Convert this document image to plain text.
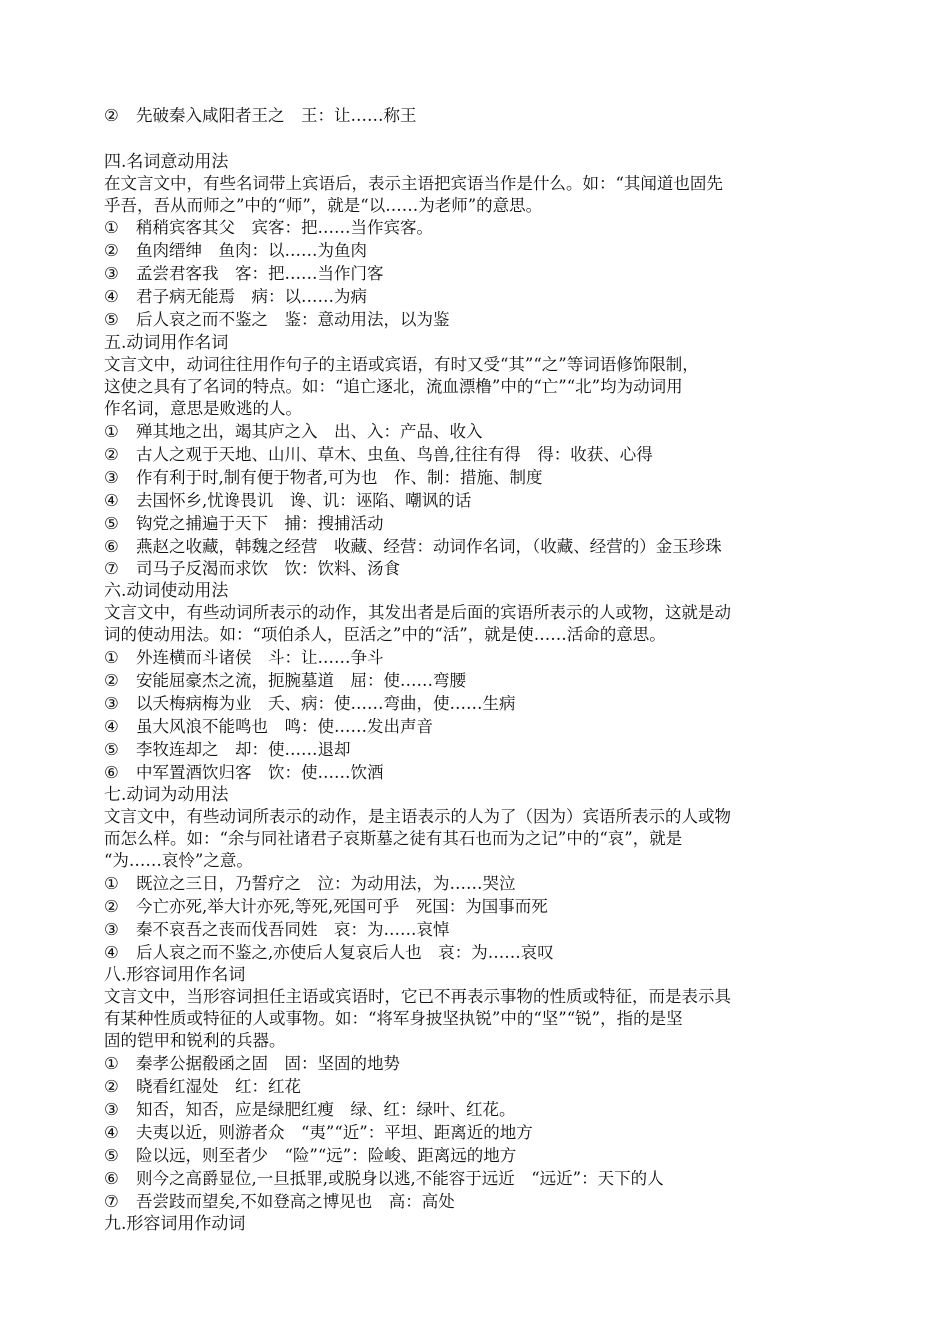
② 先破秦入咸阳者王之　王：让……称王
四.名词意动用法
在文言文中，有些名词带上宾语后，表示主语把宾语当作是什么。如：“其闻道也固先
乎吾，吾从而师之”中的“师”，就是“以……为老师”的意思。
① 稍稍宾客其父　宾客：把……当作宾客。
② 鱼肉缙绅　鱼肉：以……为鱼肉
③ 孟尝君客我　客：把……当作门客
④ 君子病无能焉　病：以……为病
⑤ 后人哀之而不鉴之　鉴：意动用法，以为鉴
五.动词用作名词
文言文中，动词往往用作句子的主语或宾语，有时又受“其”“之”等词语修饰限制，
这使之具有了名词的特点。如：“追亡逐北，流血漂橹”中的“亡”“北”均为动词用
作名词，意思是败逃的人。
① 殚其地之出，竭其庐之入　出、入：产品、收入
② 古人之观于天地、山川、草木、虫鱼、鸟兽,往往有得　得：收获、心得
③ 作有利于时,制有便于物者,可为也　作、制：措施、制度
④ 去国怀乡,忧谗畏讥　谗、讥：诬陷、嘲讽的话
⑤ 钩党之捕遍于天下　捕：搜捕活动
⑥ 燕赵之收藏，韩魏之经营　收藏、经营：动词作名词，（收藏、经营的）金玉珍珠
⑦ 司马子反渴而求饮　饮：饮料、汤食
六.动词使动用法
文言文中，有些动词所表示的动作，其发出者是后面的宾语所表示的人或物，这就是动
词的使动用法。如：“项伯杀人，臣活之”中的“活”，就是使……活命的意思。
① 外连横而斗诸侯　斗：让……争斗
② 安能屈豪杰之流，扼腕墓道　屈：使……弯腰
③ 以夭梅病梅为业　夭、病：使……弯曲，使……生病
④ 虽大风浪不能鸣也　鸣：使……发出声音
⑤ 李牧连却之　却：使……退却
⑥ 中军置酒饮归客　饮：使……饮酒
七.动词为动用法
文言文中，有些动词所表示的动作，是主语表示的人为了（因为）宾语所表示的人或物
而怎么样。如：“余与同社诸君子哀斯墓之徒有其石也而为之记”中的“哀”，就是
“为……哀怜”之意。
① 既泣之三日，乃誓疗之　泣：为动用法，为……哭泣
② 今亡亦死,举大计亦死,等死,死国可乎　死国：为国事而死
③ 秦不哀吾之丧而伐吾同姓　哀：为……哀悼
④ 后人哀之而不鉴之,亦使后人复哀后人也　哀：为……哀叹
八.形容词用作名词
文言文中，当形容词担任主语或宾语时，它已不再表示事物的性质或特征，而是表示具
有某种性质或特征的人或事物。如：“将军身披坚执锐”中的“坚”“锐”，指的是坚
固的铠甲和锐利的兵器。
① 秦孝公据殽函之固　固：坚固的地势
② 晓看红湿处　红：红花
③ 知否，知否，应是绿肥红瘦　绿、红：绿叶、红花。
④ 夫夷以近，则游者众　“夷”“近”：平坦、距离近的地方
⑤ 险以远，则至者少　“险”“远”：险峻、距离远的地方
⑥ 则今之高爵显位,一旦抵罪,或脱身以逃,不能容于远近　“远近”：天下的人
⑦ 吾尝跂而望矣,不如登高之博见也　高：高处
九.形容词用作动词
